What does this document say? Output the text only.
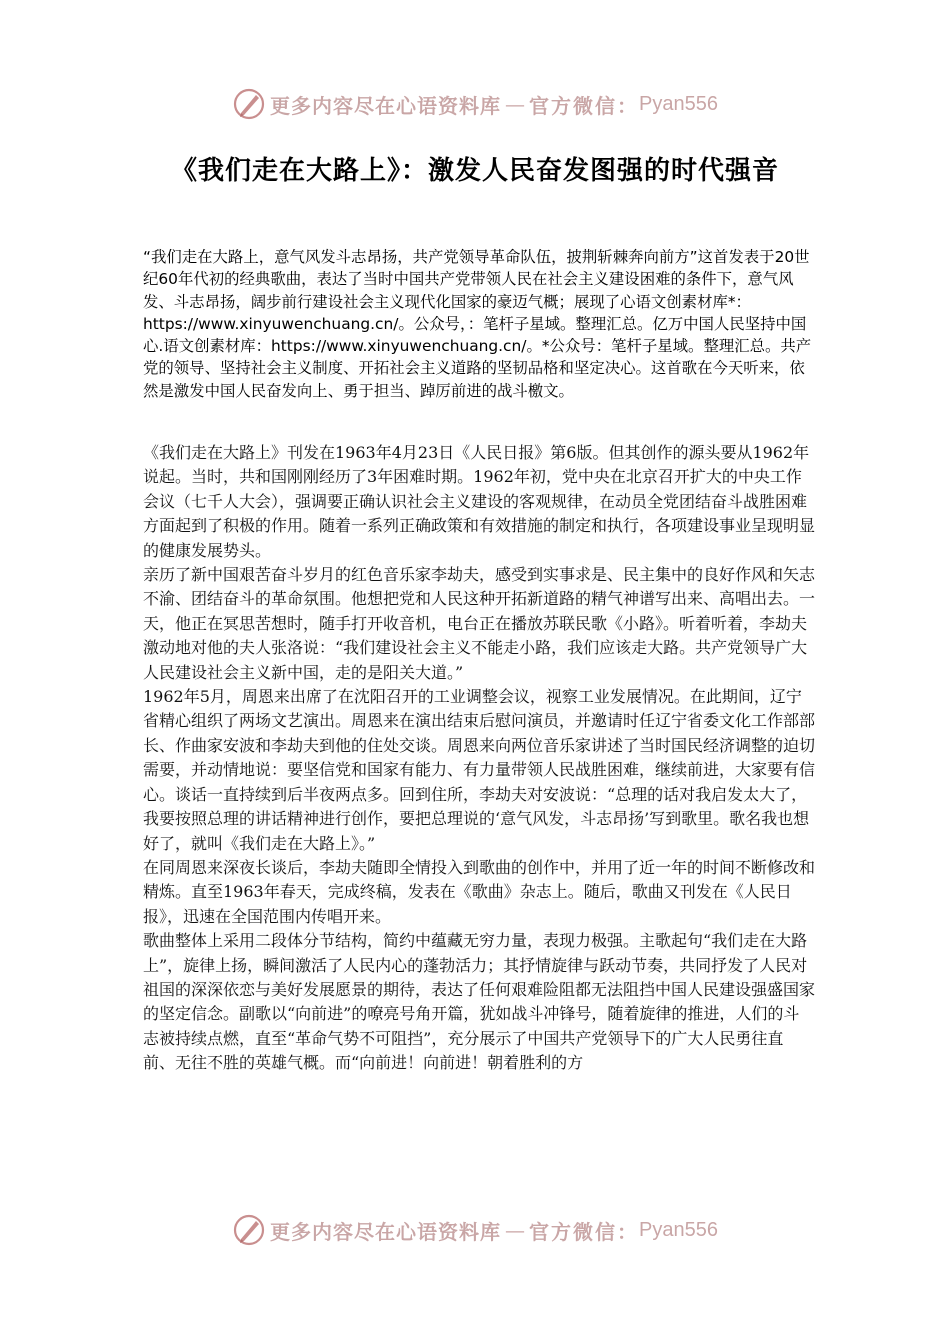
更多内容尽在心语资料库 — 官方微信： Pyan556
《我们走在大路上》：激发人民奋发图强的时代强音
“我们走在大路上，意气风发斗志昂扬，共产党领导革命队伍，披荆斩棘奔向前方”这首发表于20世纪60年代初的经典歌曲，表达了当时中国共产党带领人民在社会主义建设困难的条件下，意气风发、斗志昂扬，阔步前行建设社会主义现代化国家的豪迈气概；展现了心语文创素材库*：https://www.xinyuwenchuang.cn/。公众号，：笔杆子星域。整理汇总。亿万中国人民坚持中国心.语文创素材库：https://www.xinyuwenchuang.cn/。*公众号：笔杆子星域。整理汇总。共产党的领导、坚持社会主义制度、开拓社会主义道路的坚韧品格和坚定决心。这首歌在今天听来，依然是激发中国人民奋发向上、勇于担当、踔厉前进的战斗檄文。

《我们走在大路上》刊发在1963年4月23日《人民日报》第6版。但其创作的源头要从1962年说起。当时，共和国刚刚经历了3年困难时期。1962年初，党中央在北京召开扩大的中央工作会议（七千人大会），强调要正确认识社会主义建设的客观规律，在动员全党团结奋斗战胜困难方面起到了积极的作用。随着一系列正确政策和有效措施的制定和执行，各项建设事业呈现明显的健康发展势头。

亲历了新中国艰苦奋斗岁月的红色音乐家李劫夫，感受到实事求是、民主集中的良好作风和矢志不渝、团结奋斗的革命氛围。他想把党和人民这种开拓新道路的精气神谱写出来、高唱出去。一天，他正在冥思苦想时，随手打开收音机，电台正在播放苏联民歌《小路》。听着听着，李劫夫激动地对他的夫人张洛说：“我们建设社会主义不能走小路，我们应该走大路。共产党领导广大人民建设社会主义新中国，走的是阳关大道。”

1962年5月，周恩来出席了在沈阳召开的工业调整会议，视察工业发展情况。在此期间，辽宁省精心组织了两场文艺演出。周恩来在演出结束后慰问演员，并邀请时任辽宁省委文化工作部部长、作曲家安波和李劫夫到他的住处交谈。周恩来向两位音乐家讲述了当时国民经济调整的迫切需要，并动情地说：要坚信党和国家有能力、有力量带领人民战胜困难，继续前进，大家要有信心。谈话一直持续到后半夜两点多。回到住所，李劫夫对安波说：“总理的话对我启发太大了，我要按照总理的讲话精神进行创作，要把总理说的‘意气风发，斗志昂扬’写到歌里。歌名我也想好了，就叫《我们走在大路上》。”

在同周恩来深夜长谈后，李劫夫随即全情投入到歌曲的创作中，并用了近一年的时间不断修改和精炼。直至1963年春天，完成终稿，发表在《歌曲》杂志上。随后，歌曲又刊发在《人民日报》，迅速在全国范围内传唱开来。

歌曲整体上采用二段体分节结构，简约中蕴藏无穷力量，表现力极强。主歌起句“我们走在大路上”，旋律上扬，瞬间激活了人民内心的蓬勃活力；其抒情旋律与跃动节奏，共同抒发了人民对祖国的深深依恋与美好发展愿景的期待，表达了任何艰难险阻都无法阻挡中国人民建设强盛国家的坚定信念。副歌以“向前进”的嘹亮号角开篇，犹如战斗冲锋号，随着旋律的推进，人们的斗志被持续点燃，直至“革命气势不可阻挡”，充分展示了中国共产党领导下的广大人民勇往直前、无往不胜的英雄气概。而“向前进！向前进！朝着胜利的方

更多内容尽在心语资料库 — 官方微信： Pyan556
